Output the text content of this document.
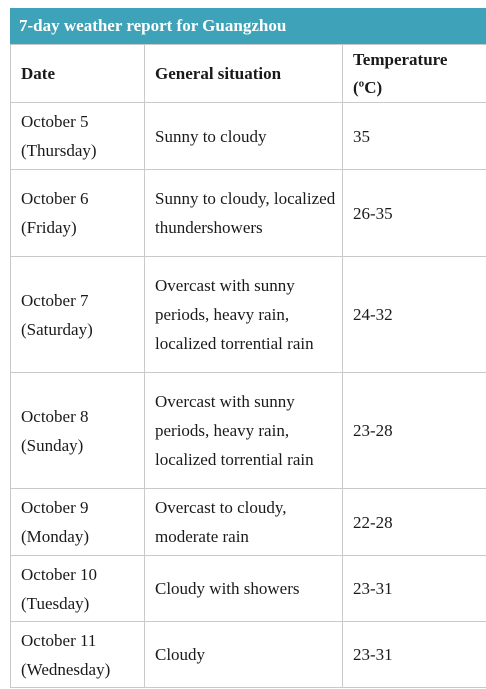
7-day weather report for Guangzhou
Date	General situation	Temperature
(ºC)

October 5
(Thursday)	Sunny to cloudy	35

October 6
(Friday)	Sunny to cloudy, localized thundershowers	26-35

October 7
(Saturday)	Overcast with sunny periods, heavy rain, localized torrential rain	24-32

October 8
(Sunday)	Overcast with sunny periods, heavy rain, localized torrential rain	23-28

October 9
(Monday)	Overcast to cloudy, moderate rain	22-28

October 10
(Tuesday)	Cloudy with showers	23-31

October 11
(Wednesday)	Cloudy	23-31
